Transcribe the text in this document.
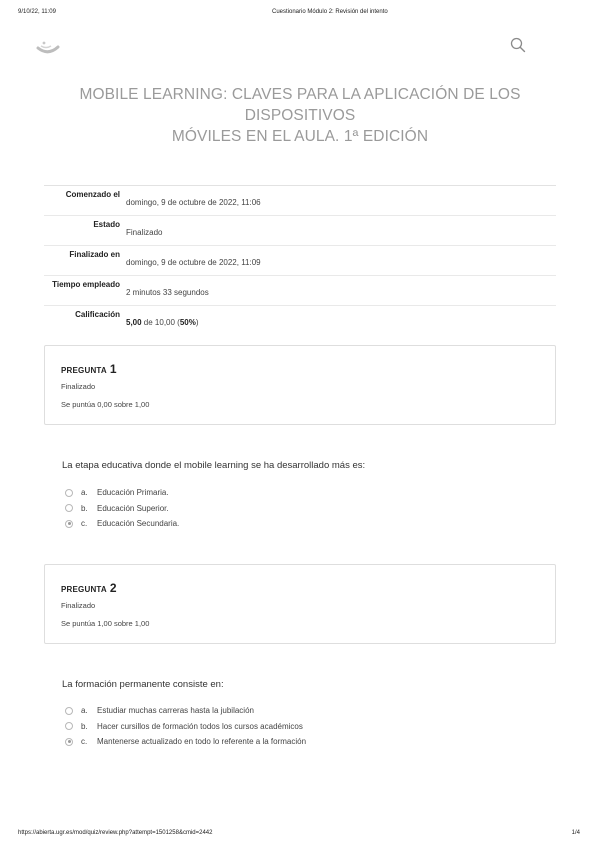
9/10/22, 11:09	Cuestionario Módulo 2: Revisión del intento
MOBILE LEARNING: CLAVES PARA LA APLICACIÓN DE LOS DISPOSITIVOS
MÓVILES EN EL AULA. 1ª EDICIÓN
Comenzado el
domingo, 9 de octubre de 2022, 11:06
Estado
Finalizado
Finalizado en
domingo, 9 de octubre de 2022, 11:09
Tiempo empleado
2 minutos 33 segundos
Calificación
5,00 de 10,00 (50%)
PREGUNTA 1
Finalizado
Se puntúa 0,00 sobre 1,00
La etapa educativa donde el mobile learning se ha desarrollado más es:
a.	Educación Primaria.
b.	Educación Superior.
c.	Educación Secundaria.
PREGUNTA 2
Finalizado
Se puntúa 1,00 sobre 1,00
La formación permanente consiste en:
a.	Estudiar muchas carreras hasta la jubilación
b.	Hacer cursillos de formación todos los cursos académicos
c.	Mantenerse actualizado en todo lo referente a la formación
https://abierta.ugr.es/mod/quiz/review.php?attempt=1501258&cmid=2442	1/4
